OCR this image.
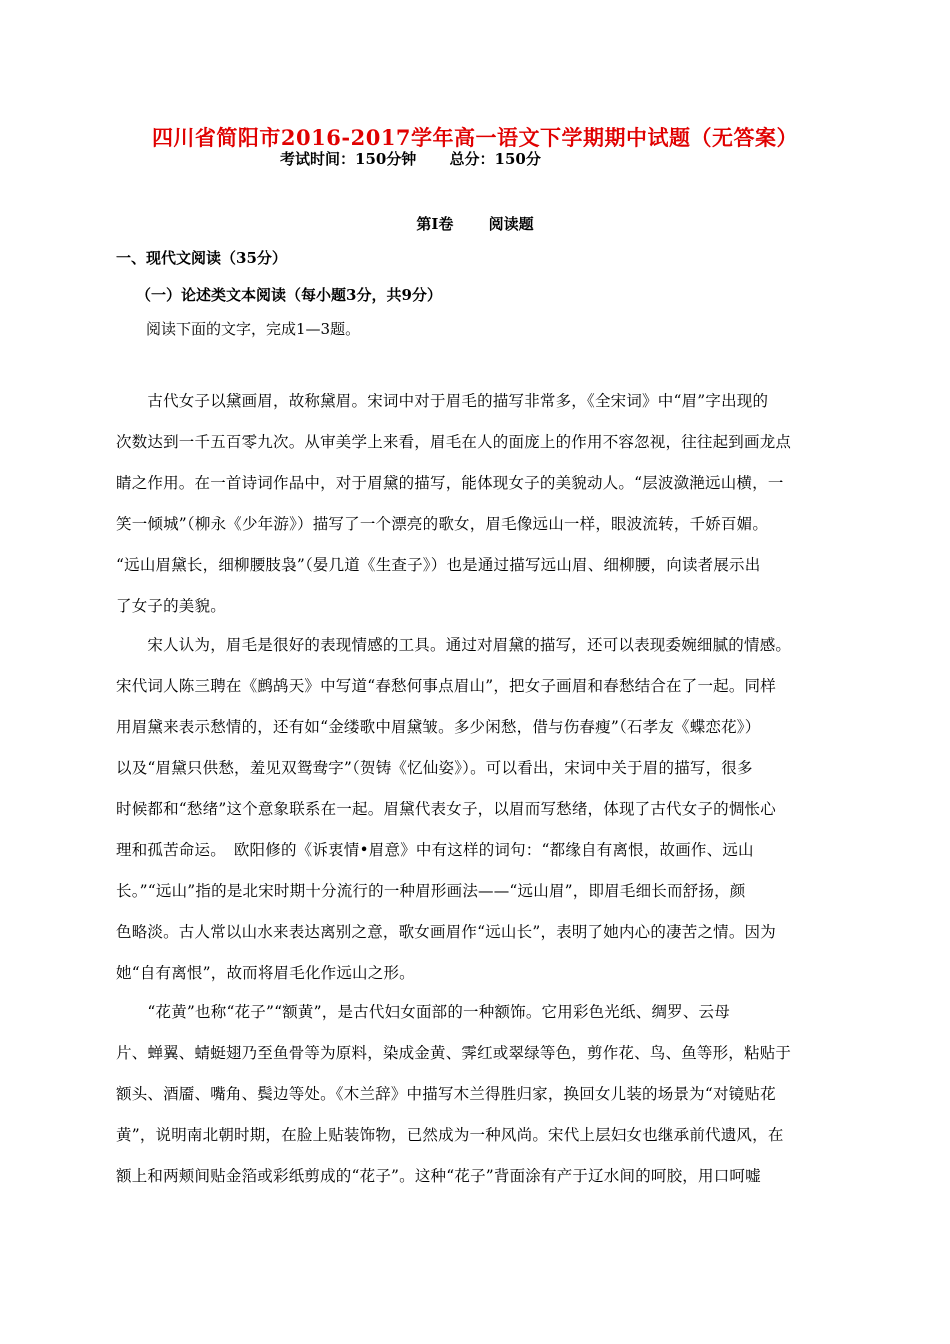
四川省简阳市2016-2017学年高一语文下学期期中试题（无答案）
考试时间：150分钟 总分：150分
第Ⅰ卷 阅读题
一、现代文阅读（35分）
（一）论述类文本阅读（每小题3分，共9分）
阅读下面的文字，完成1—3题。
　　古代女子以黛画眉，故称黛眉。宋词中对于眉毛的描写非常多，《全宋词》中“眉”字出现的
次数达到一千五百零九次。从审美学上来看，眉毛在人的面庞上的作用不容忽视，往往起到画龙点
睛之作用。在一首诗词作品中，对于眉黛的描写，能体现女子的美貌动人。“层波潋滟远山横，一
笑一倾城”（柳永《少年游》）描写了一个漂亮的歌女，眉毛像远山一样，眼波流转，千娇百媚。
“远山眉黛长，细柳腰肢袅”（晏几道《生查子》）也是通过描写远山眉、细柳腰，向读者展示出
了女子的美貌。
　　宋人认为，眉毛是很好的表现情感的工具。通过对眉黛的描写，还可以表现委婉细腻的情感。
宋代词人陈三聘在《鹧鸪天》中写道“春愁何事点眉山”，把女子画眉和春愁结合在了一起。同样
用眉黛来表示愁情的，还有如“金缕歌中眉黛皱。多少闲愁，借与伤春瘦”（石孝友《蝶恋花》）
以及“眉黛只供愁，羞见双鸳鸯字”（贺铸《忆仙姿》）。可以看出，宋词中关于眉的描写，很多
时候都和“愁绪”这个意象联系在一起。眉黛代表女子，以眉而写愁绪，体现了古代女子的惆怅心
理和孤苦命运。　欧阳修的《诉衷情•眉意》中有这样的词句：“都缘自有离恨，故画作、远山
长。”“远山”指的是北宋时期十分流行的一种眉形画法——“远山眉”，即眉毛细长而舒扬，颜
色略淡。古人常以山水来表达离别之意，歌女画眉作“远山长”，表明了她内心的凄苦之情。因为
她“自有离恨”，故而将眉毛化作远山之形。
　　“花黄”也称“花子”“额黄”，是古代妇女面部的一种额饰。它用彩色光纸、绸罗、云母
片、蝉翼、蜻蜓翅乃至鱼骨等为原料，染成金黄、霁红或翠绿等色，剪作花、鸟、鱼等形，粘贴于
额头、酒靥、嘴角、鬓边等处。《木兰辞》中描写木兰得胜归家，换回女儿装的场景为“对镜贴花
黄”，说明南北朝时期，在脸上贴装饰物，已然成为一种风尚。宋代上层妇女也继承前代遗风，在
额上和两颊间贴金箔或彩纸剪成的“花子”。这种“花子”背面涂有产于辽水间的呵胶，用口呵嘘
